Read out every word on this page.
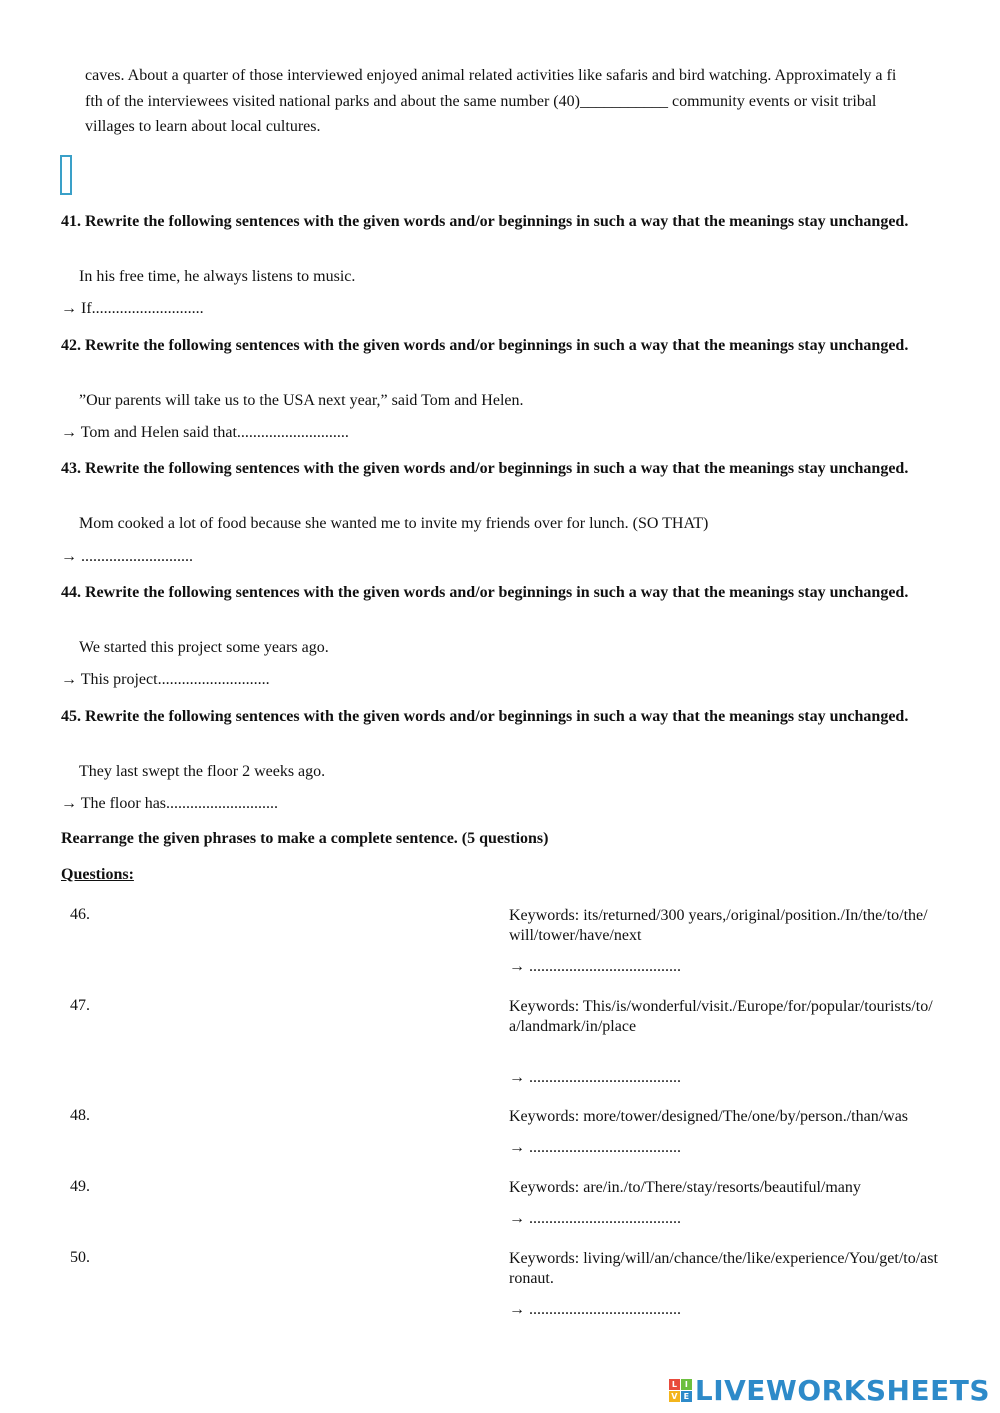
caves. About a quarter of those interviewed enjoyed animal related activities like safaris and bird watching. Approximately a fi
fth of the interviewees visited national parks and about the same number (40)___________ community events or visit tribal
villages to learn about local cultures.
41. Rewrite the following sentences with the given words and/or beginnings in such a way that the meanings stay unchanged.
In his free time, he always listens to music.
→ If............................
42. Rewrite the following sentences with the given words and/or beginnings in such a way that the meanings stay unchanged.
”Our parents will take us to the USA next year,” said Tom and Helen.
→ Tom and Helen said that............................
43. Rewrite the following sentences with the given words and/or beginnings in such a way that the meanings stay unchanged.
Mom cooked a lot of food because she wanted me to invite my friends over for lunch. (SO THAT)
→ ............................
44. Rewrite the following sentences with the given words and/or beginnings in such a way that the meanings stay unchanged.
We started this project some years ago.
→ This project............................
45. Rewrite the following sentences with the given words and/or beginnings in such a way that the meanings stay unchanged.
They last swept the floor 2 weeks ago.
→ The floor has............................
Rearrange the given phrases to make a complete sentence. (5 questions)
Questions:
46.	Keywords: its/returned/300 years,/original/position./In/the/to/the/will/tower/have/next
→ ......................................
47.	Keywords: This/is/wonderful/visit./Europe/for/popular/tourists/to/a/landmark/in/place
→ ......................................
48.	Keywords: more/tower/designed/The/one/by/person./than/was
→ ......................................
49.	Keywords: are/in./to/There/stay/resorts/beautiful/many
→ ......................................
50.	Keywords: living/will/an/chance/the/like/experience/You/get/to/astronaut.
→ ......................................
L I
V E LIVEWORKSHEETS
